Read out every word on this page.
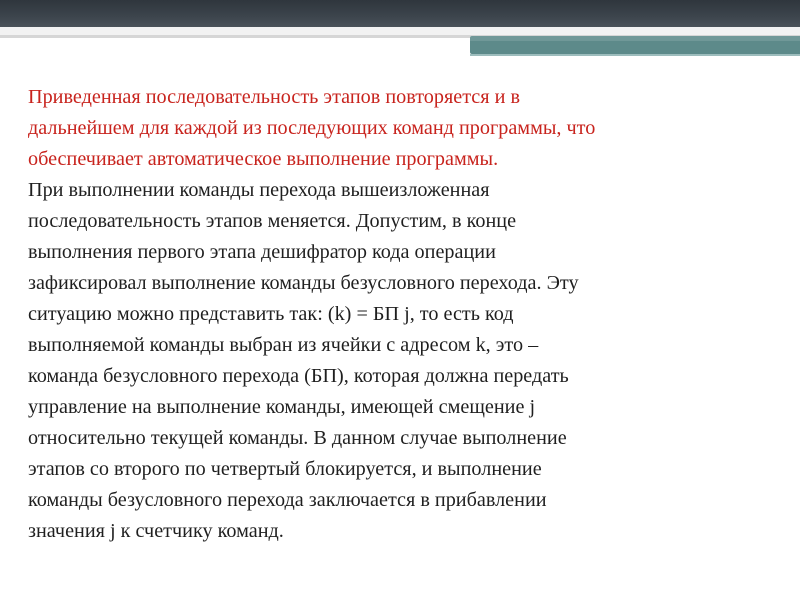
Приведенная последовательность этапов повторяется и в
дальнейшем для каждой из последующих команд программы, что
обеспечивает автоматическое выполнение программы.
При выполнении команды перехода вышеизложенная
последовательность этапов меняется. Допустим, в конце
выполнения первого этапа дешифратор кода операции
зафиксировал выполнение команды безусловного перехода. Эту
ситуацию можно представить так: (k) = БП j, то есть код
выполняемой команды выбран из ячейки с адресом k, это –
команда безусловного перехода (БП), которая должна передать
управление на выполнение команды, имеющей смещение j
относительно текущей команды. В данном случае выполнение
этапов со второго по четвертый блокируется, и выполнение
команды безусловного перехода заключается в прибавлении
значения j к счетчику команд.
